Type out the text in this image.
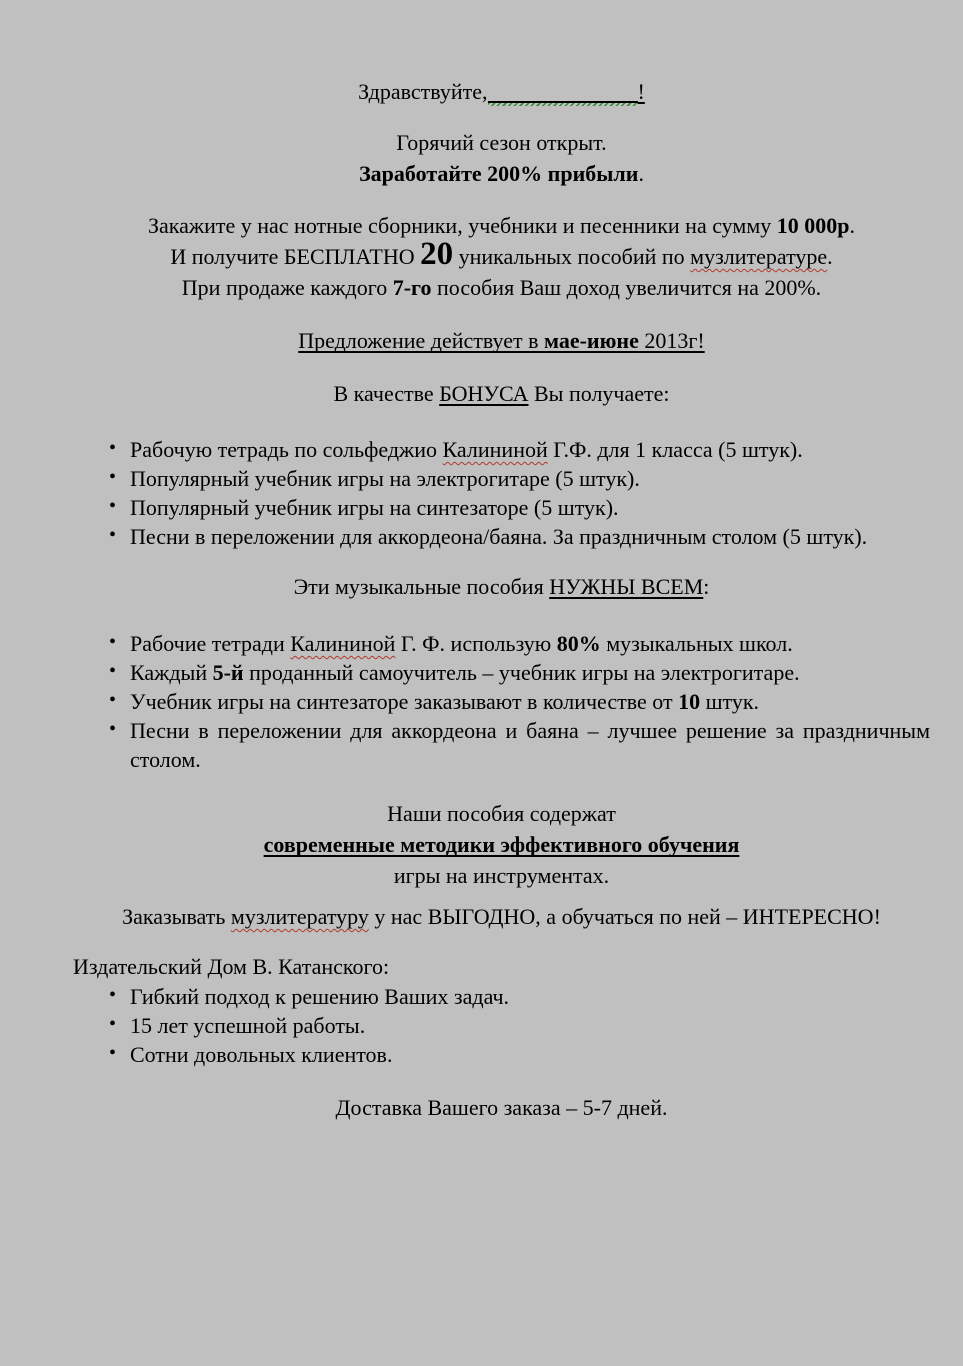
Здравствуйте,	!
Горячий сезон открыт.
Заработайте 200% прибыли.
Закажите у нас нотные сборники, учебники и песенники на сумму 10 000р.
И получите БЕСПЛАТНО 20 уникальных пособий по музлитературе.
При продаже каждого 7-го пособия Ваш доход увеличится на 200%.
Предложение действует в мае-июне 2013г!
В качестве БОНУСА Вы получаете:
• Рабочую тетрадь по сольфеджио Калининой Г.Ф. для 1 класса (5 штук).
• Популярный учебник игры на электрогитаре (5 штук).
• Популярный учебник игры на синтезаторе (5 штук).
• Песни в переложении для аккордеона/баяна. За праздничным столом (5 штук).
Эти музыкальные пособия НУЖНЫ ВСЕМ:
• Рабочие тетради Калининой Г. Ф. использую 80% музыкальных школ.
• Каждый 5-й проданный самоучитель – учебник игры на электрогитаре.
• Учебник игры на синтезаторе заказывают в количестве от 10 штук.
• Песни в переложении для аккордеона и баяна – лучшее решение за праздничным столом.
Наши пособия содержат
современные методики эффективного обучения
игры на инструментах.
Заказывать музлитературу у нас ВЫГОДНО, а обучаться по ней – ИНТЕРЕСНО!
Издательский Дом В. Катанского:
• Гибкий подход к решению Ваших задач.
• 15 лет успешной работы.
• Сотни довольных клиентов.
Доставка Вашего заказа – 5-7 дней.
